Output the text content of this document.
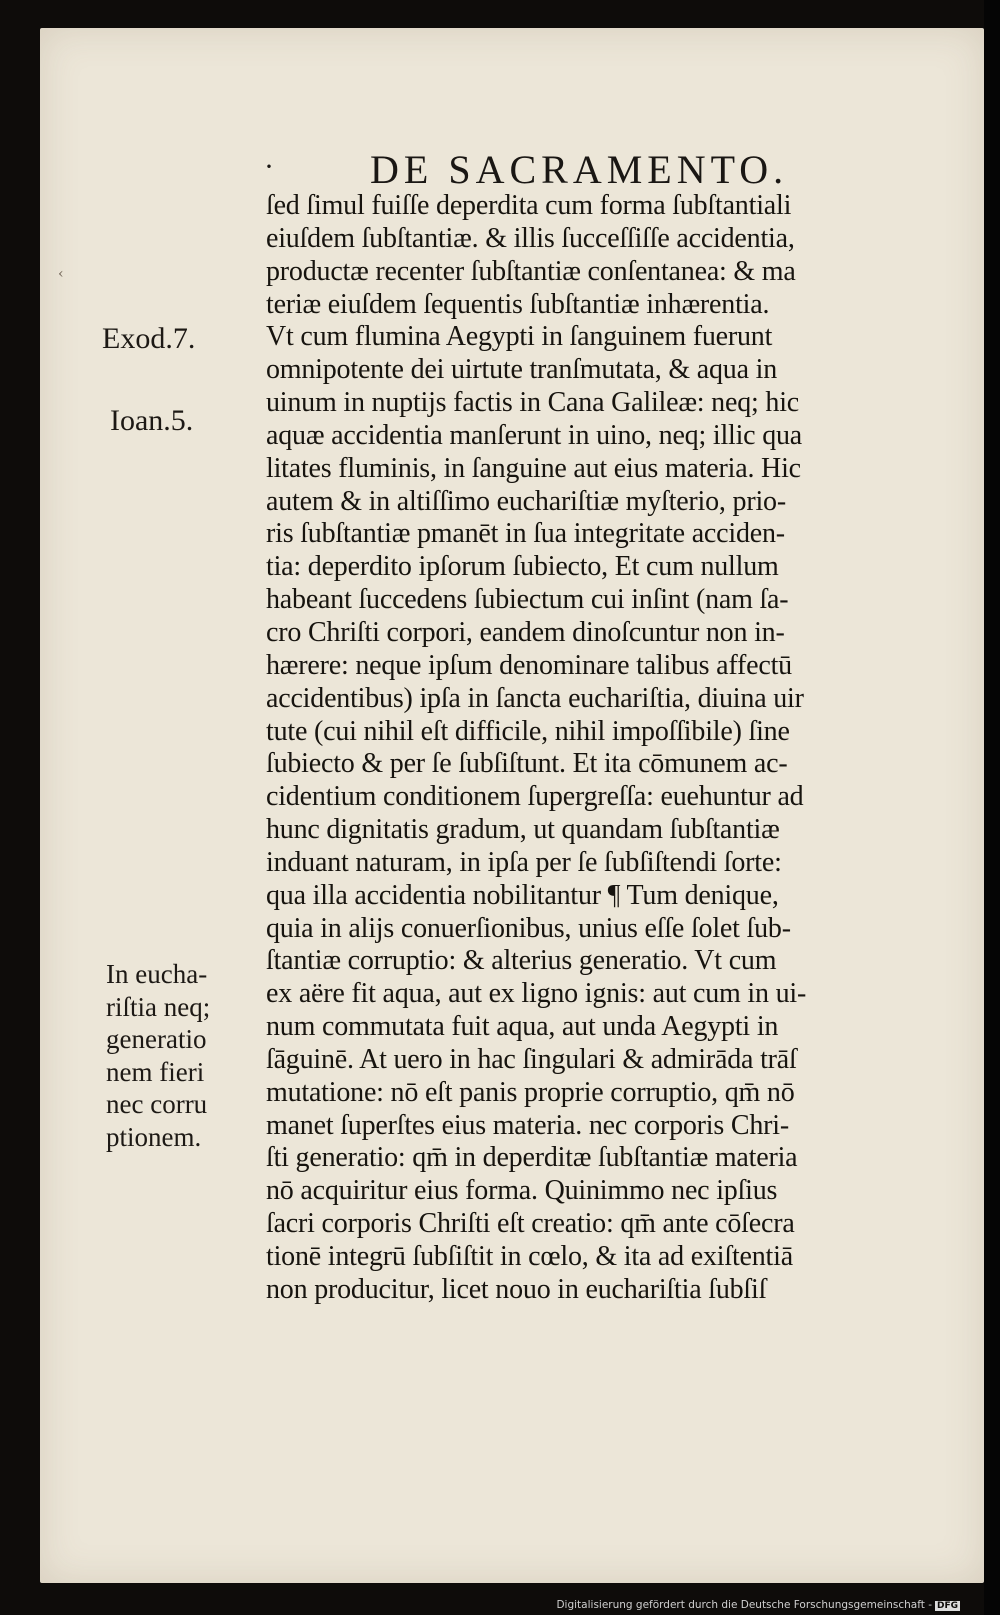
‹
· DE SACRAMENTO.
Exod.7.
Ioan.5.
In eucha-
riſtia neq;
generatio
nem fieri
nec corru
ptionem.
ſed ſimul fuiſſe deperdita cum forma ſubſtantiali
eiuſdem ſubſtantiæ. & illis ſucceſſiſſe accidentia,
productæ recenter ſubſtantiæ conſentanea: & ma
teriæ eiuſdem ſequentis ſubſtantiæ inhærentia.
Vt cum flumina Aegypti in ſanguinem fuerunt
omnipotente dei uirtute tranſmutata, & aqua in
uinum in nuptijs factis in Cana Galileæ: neq; hic
aquæ accidentia manſerunt in uino, neq; illic qua
litates fluminis, in ſanguine aut eius materia. Hic
autem & in altiſſimo euchariſtiæ myſterio, prio-
ris ſubſtantiæ pmanēt in ſua integritate acciden-
tia: deperdito ipſorum ſubiecto, Et cum nullum
habeant ſuccedens ſubiectum cui inſint (nam ſa-
cro Chriſti corpori, eandem dinoſcuntur non in-
hærere: neque ipſum denominare talibus affectū
accidentibus) ipſa in ſancta euchariſtia, diuina uir
tute (cui nihil eſt difficile, nihil impoſſibile) ſine
ſubiecto & per ſe ſubſiſtunt. Et ita cōmunem ac-
cidentium conditionem ſupergreſſa: euehuntur ad
hunc dignitatis gradum, ut quandam ſubſtantiæ
induant naturam, in ipſa per ſe ſubſiſtendi ſorte:
qua illa accidentia nobilitantur ¶ Tum denique,
quia in alijs conuerſionibus, unius eſſe ſolet ſub-
ſtantiæ corruptio: & alterius generatio. Vt cum
ex aëre fit aqua, aut ex ligno ignis: aut cum in ui-
num commutata fuit aqua, aut unda Aegypti in
ſāguinē. At uero in hac ſingulari & admirāda trāſ
mutatione: nō eſt panis proprie corruptio, qm̄ nō
manet ſuperſtes eius materia. nec corporis Chri-
ſti generatio: qm̄ in deperditæ ſubſtantiæ materia
nō acquiritur eius forma. Quinimmo nec ipſius
ſacri corporis Chriſti eſt creatio: qm̄ ante cōſecra
tionē integrū ſubſiſtit in cœlo, & ita ad exiſtentiā
non producitur, licet nouo in euchariſtia ſubſiſ
Digitalisierung gefördert durch die Deutsche Forschungsgemeinschaft - DFG
